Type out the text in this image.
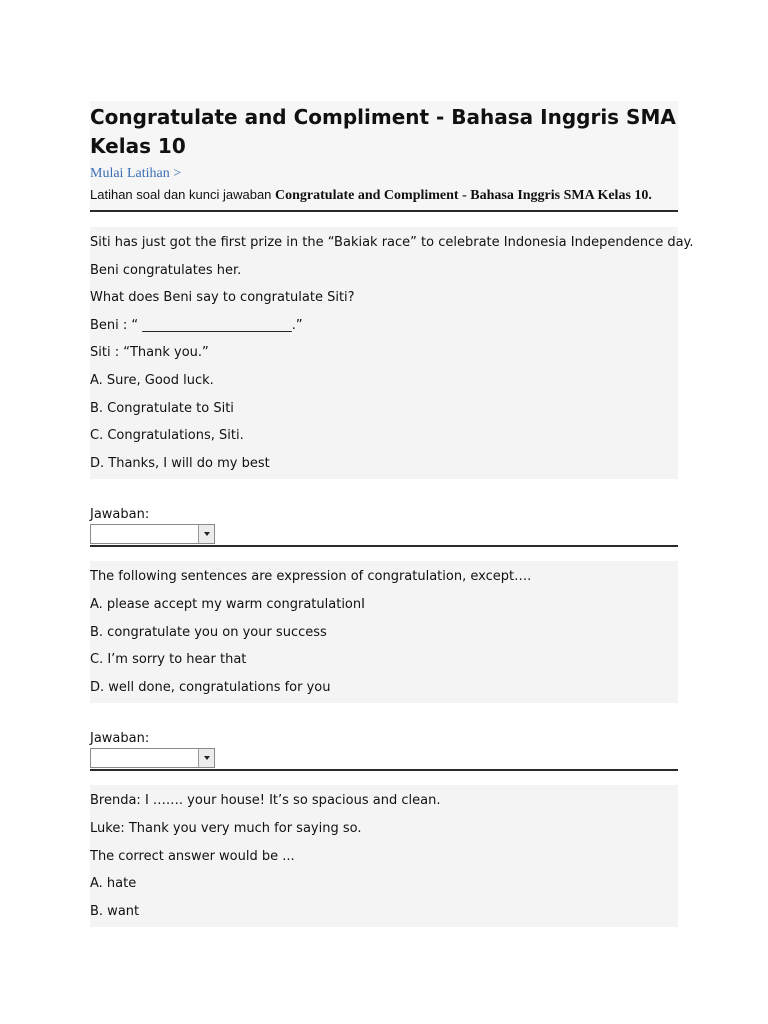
Congratulate and Compliment - Bahasa Inggris SMA Kelas 10
Mulai Latihan >
Latihan soal dan kunci jawaban Congratulate and Compliment - Bahasa Inggris SMA Kelas 10.
Siti has just got the first prize in the “Bakiak race” to celebrate Indonesia Independence day.
Beni congratulates her.
What does Beni say to congratulate Siti?
Beni : “ _______________________.”
Siti : “Thank you.”
A. Sure, Good luck.
B. Congratulate to Siti
C. Congratulations, Siti.
D. Thanks, I will do my best
Jawaban:
The following sentences are expression of congratulation, except….
A. please accept my warm congratulationI
B. congratulate you on your success
C. I’m sorry to hear that
D. well done, congratulations for you
Jawaban:
Brenda: I ……. your house! It’s so spacious and clean.
Luke: Thank you very much for saying so.
The correct answer would be ...
A. hate
B. want
